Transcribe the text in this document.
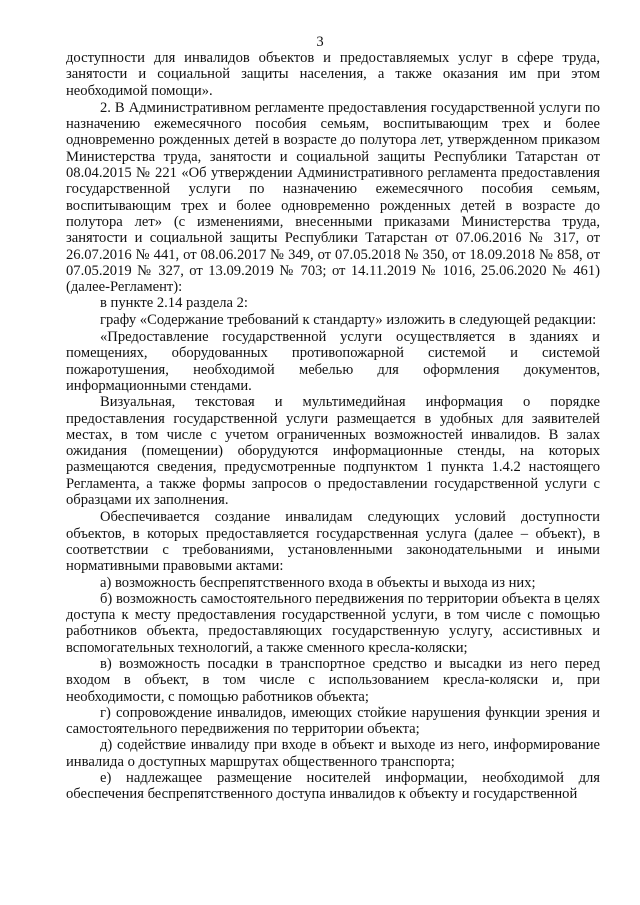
3

доступности для инвалидов объектов и предоставляемых услуг в сфере труда, занятости и социальной защиты населения, а также оказания им при этом необходимой помощи».

2. В Административном регламенте предоставления государственной услуги по назначению ежемесячного пособия семьям, воспитывающим трех и более одновременно рожденных детей в возрасте до полутора лет, утвержденном приказом Министерства труда, занятости и социальной защиты Республики Татарстан от 08.04.2015 № 221 «Об утверждении Административного регламента предоставления государственной услуги по назначению ежемесячного пособия семьям, воспитывающим трех и более одновременно рожденных детей в возрасте до полутора лет» (с изменениями, внесенными приказами Министерства труда, занятости и социальной защиты Республики Татарстан от 07.06.2016 № 317, от 26.07.2016 № 441, от 08.06.2017 № 349, от 07.05.2018 № 350, от 18.09.2018 № 858, от 07.05.2019 № 327, от 13.09.2019 № 703; от 14.11.2019 № 1016, 25.06.2020 № 461) (далее-Регламент):

в пункте 2.14 раздела 2:

графу «Содержание требований к стандарту» изложить в следующей редакции:

«Предоставление государственной услуги осуществляется в зданиях и помещениях, оборудованных противопожарной системой и системой пожаротушения, необходимой мебелью для оформления документов, информационными стендами.

Визуальная, текстовая и мультимедийная информация о порядке предоставления государственной услуги размещается в удобных для заявителей местах, в том числе с учетом ограниченных возможностей инвалидов. В залах ожидания (помещении) оборудуются информационные стенды, на которых размещаются сведения, предусмотренные подпунктом 1 пункта 1.4.2 настоящего Регламента, а также формы запросов о предоставлении государственной услуги с образцами их заполнения.

Обеспечивается создание инвалидам следующих условий доступности объектов, в которых предоставляется государственная услуга (далее – объект), в соответствии с требованиями, установленными законодательными и иными нормативными правовыми актами:

а) возможность беспрепятственного входа в объекты и выхода из них;

б) возможность самостоятельного передвижения по территории объекта в целях доступа к месту предоставления государственной услуги, в том числе с помощью работников объекта, предоставляющих государственную услугу, ассистивных и вспомогательных технологий, а также сменного кресла-коляски;

в) возможность посадки в транспортное средство и высадки из него перед входом в объект, в том числе с использованием кресла-коляски и, при необходимости, с помощью работников объекта;

г) сопровождение инвалидов, имеющих стойкие нарушения функции зрения и самостоятельного передвижения по территории объекта;

д) содействие инвалиду при входе в объект и выходе из него, информирование инвалида о доступных маршрутах общественного транспорта;

е) надлежащее размещение носителей информации, необходимой для обеспечения беспрепятственного доступа инвалидов к объекту и государственной
